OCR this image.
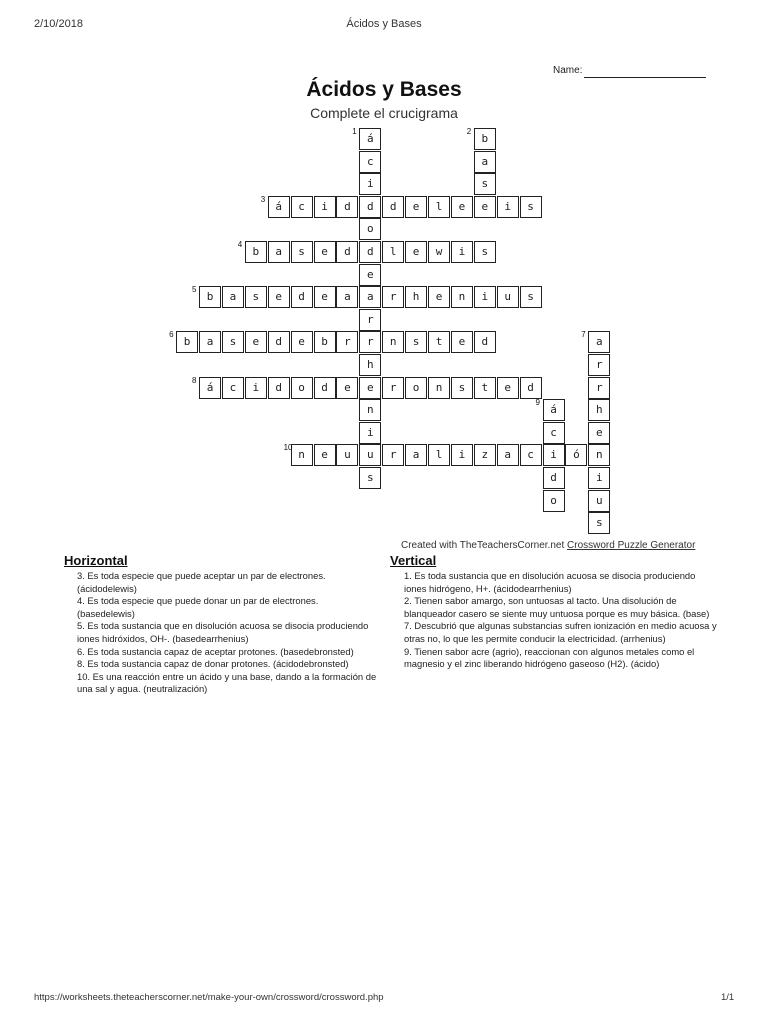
2/10/2018	Ácidos y Bases
Name:
Ácidos y Bases
Complete el crucigrama
1
á
c
i
d
o
d
e
a
r
r
h
e
n
i
u
s
2
b
a
s
e
3
á	c	i	d	d	e	l	e	i	s
4
b	a	s	e	d	l	e	w	i	s
5
b	a	s	e	d	e	a	r	h	e	n	i	u	s
6
b	a	s	e	d	e	b	r	n	s	t	e	d
7
a
r
r
h
e
n
i
u
s
8
á	c	i	d	o	d	e	r	o	n	s	t	e	d
9
á
c
i
d
o
10
n	e	u	r	a	l	i	z	a	c	ó
Created with TheTeachersCorner.net Crossword Puzzle Generator
Horizontal	Vertical

3. Es toda especie que puede aceptar un par de electrones. (ácidodelewis)

4. Es toda especie que puede donar un par de electrones. (basedelewis)

5. Es toda sustancia que en disolución acuosa se disocia produciendo iones hidróxidos, OH-. (basedearrhenius)

6. Es toda sustancia capaz de aceptar protones. (basedebronsted)

8. Es toda sustancia capaz de donar protones. (ácidodebronsted)

10. Es una reacción entre un ácido y una base, dando a la formación de una sal y agua. (neutralización)

1. Es toda sustancia que en disolución acuosa se disocia produciendo iones hidrógeno, H+. (ácidodearrhenius)

2. Tienen sabor amargo, son untuosas al tacto. Una disolución de blanqueador casero se siente muy untuosa porque es muy básica. (base)

7. Descubrió que algunas substancias sufren ionización en medio acuosa y otras no, lo que les permite conducir la electricidad. (arrhenius)

9. Tienen sabor acre (agrio), reaccionan con algunos metales como el magnesio y el zinc liberando hidrógeno gaseoso (H2). (ácido)

https://worksheets.theteacherscorner.net/make-your-own/crossword/crossword.php	1/1
